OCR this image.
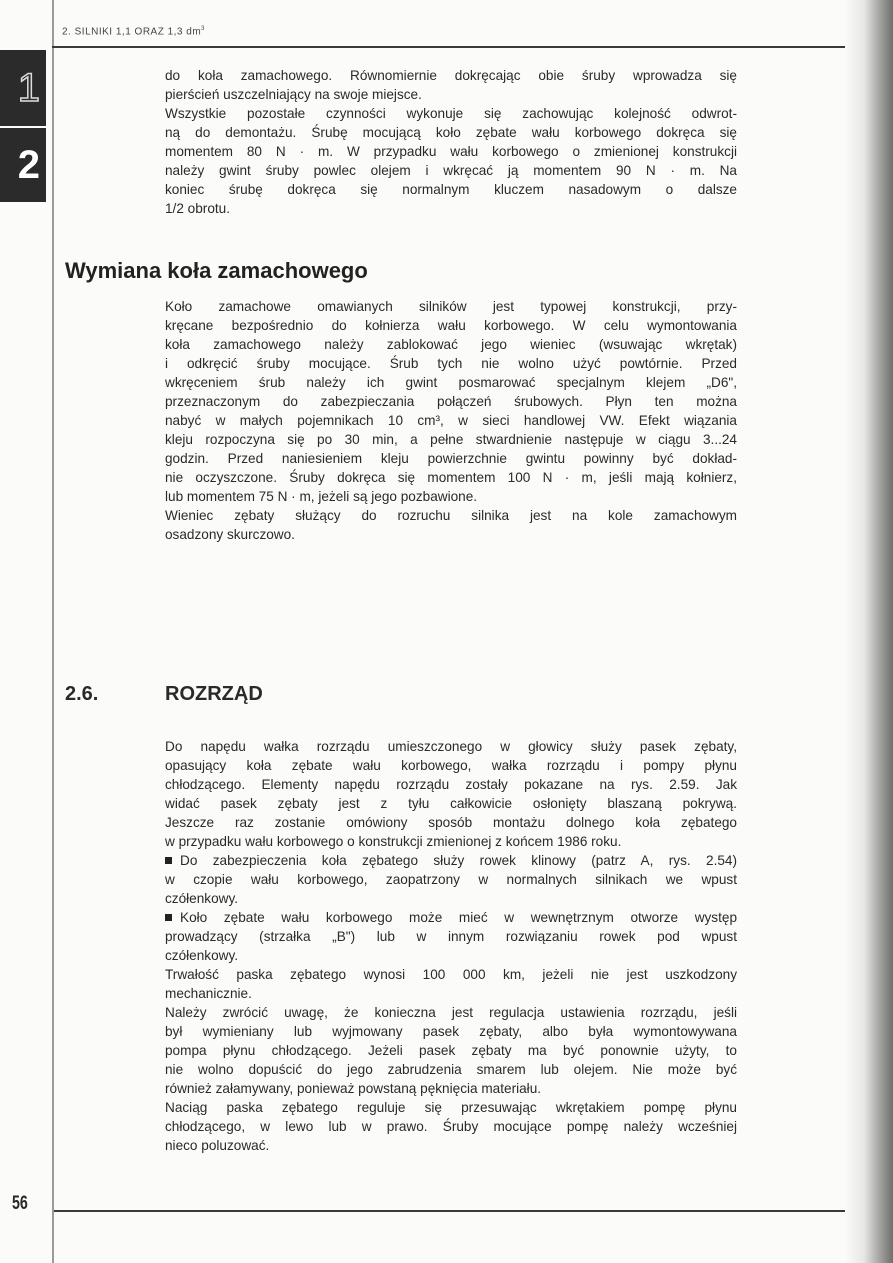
2. SILNIKI 1,1 ORAZ 1,3 $dm^3$
1
2
do koła zamachowego. Równomiernie dokręcając obie śruby wprowadza się
pierścień uszczelniający na swoje miejsce.
Wszystkie pozostałe czynności wykonuje się zachowując kolejność odwrot-
ną do demontażu. Śrubę mocującą koło zębate wału korbowego dokręca się
momentem 80 N · m. W przypadku wału korbowego o zmienionej konstrukcji
należy gwint śruby powlec olejem i wkręcać ją momentem 90 N · m. Na
koniec śrubę dokręca się normalnym kluczem nasadowym o dalsze
1/2 obrotu.
Wymiana koła zamachowego
Koło zamachowe omawianych silników jest typowej konstrukcji, przy-
kręcane bezpośrednio do kołnierza wału korbowego. W celu wymontowania
koła zamachowego należy zablokować jego wieniec (wsuwając wkrętak)
i odkręcić śruby mocujące. Śrub tych nie wolno użyć powtórnie. Przed
wkręceniem śrub należy ich gwint posmarować specjalnym klejem „D6",
przeznaczonym do zabezpieczania połączeń śrubowych. Płyn ten można
nabyć w małych pojemnikach 10 cm³, w sieci handlowej VW. Efekt wiązania
kleju rozpoczyna się po 30 min, a pełne stwardnienie następuje w ciągu 3...24
godzin. Przed naniesieniem kleju powierzchnie gwintu powinny być dokład-
nie oczyszczone. Śruby dokręca się momentem 100 N · m, jeśli mają kołnierz,
lub momentem 75 N · m, jeżeli są jego pozbawione.
Wieniec zębaty służący do rozruchu silnika jest na kole zamachowym
osadzony skurczowo.
2.6.	ROZRZĄD
Do napędu wałka rozrządu umieszczonego w głowicy służy pasek zębaty,
opasujący koła zębate wału korbowego, wałka rozrządu i pompy płynu
chłodzącego. Elementy napędu rozrządu zostały pokazane na rys. 2.59. Jak
widać pasek zębaty jest z tyłu całkowicie osłonięty blaszaną pokrywą.
Jeszcze raz zostanie omówiony sposób montażu dolnego koła zębatego
w przypadku wału korbowego o konstrukcji zmienionej z końcem 1986 roku.
Do zabezpieczenia koła zębatego służy rowek klinowy (patrz A, rys. 2.54)
w czopie wału korbowego, zaopatrzony w normalnych silnikach we wpust
czółenkowy.
Koło zębate wału korbowego może mieć w wewnętrznym otworze występ
prowadzący (strzałka „B") lub w innym rozwiązaniu rowek pod wpust
czółenkowy.
Trwałość paska zębatego wynosi 100 000 km, jeżeli nie jest uszkodzony
mechanicznie.
Należy zwrócić uwagę, że konieczna jest regulacja ustawienia rozrządu, jeśli
był wymieniany lub wyjmowany pasek zębaty, albo była wymontowywana
pompa płynu chłodzącego. Jeżeli pasek zębaty ma być ponownie użyty, to
nie wolno dopuścić do jego zabrudzenia smarem lub olejem. Nie może być
również załamywany, ponieważ powstaną pęknięcia materiału.
Naciąg paska zębatego reguluje się przesuwając wkrętakiem pompę płynu
chłodzącego, w lewo lub w prawo. Śruby mocujące pompę należy wcześniej
nieco poluzować.
56
